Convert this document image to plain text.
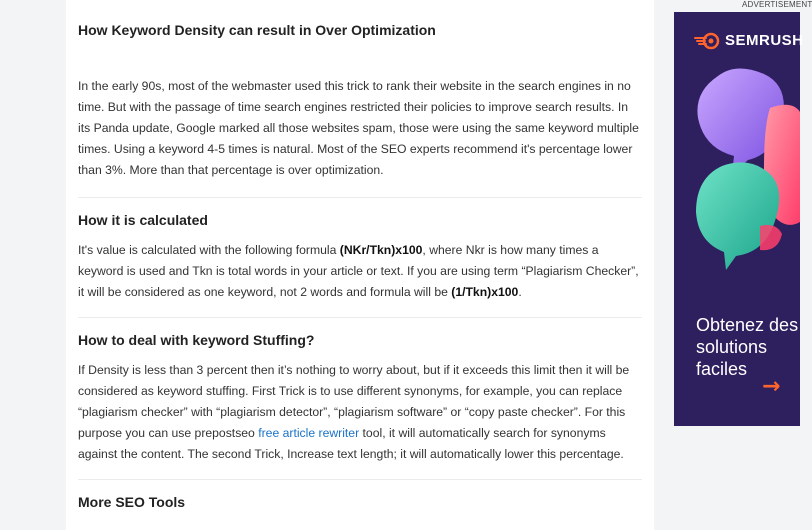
How Keyword Density can result in Over Optimization

In the early 90s, most of the webmaster used this trick to rank their website in the search engines in no time. But with the passage of time search engines restricted their policies to improve search results. In its Panda update, Google marked all those websites spam, those were using the same keyword multiple times. Using a keyword 4-5 times is natural. Most of the SEO experts recommend it's percentage lower than 3%. More than that percentage is over optimization.

How it is calculated

It's value is calculated with the following formula (NKr/Tkn)x100, where Nkr is how many times a keyword is used and Tkn is total words in your article or text. If you are using term “Plagiarism Checker”, it will be considered as one keyword, not 2 words and formula will be (1/Tkn)x100.

How to deal with keyword Stuffing?

If Density is less than 3 percent then it’s nothing to worry about, but if it exceeds this limit then it will be considered as keyword stuffing. First Trick is to use different synonyms, for example, you can replace “plagiarism checker” with “plagiarism detector”, “plagiarism software” or “copy paste checker”. For this purpose you can use prepostseo free article rewriter tool, it will automatically search for synonyms against the content. The second Trick, Increase text length; it will automatically lower this percentage.

More SEO Tools
ADVERTISEMENT
SEMRUSH
Obtenez des solutions faciles
→
